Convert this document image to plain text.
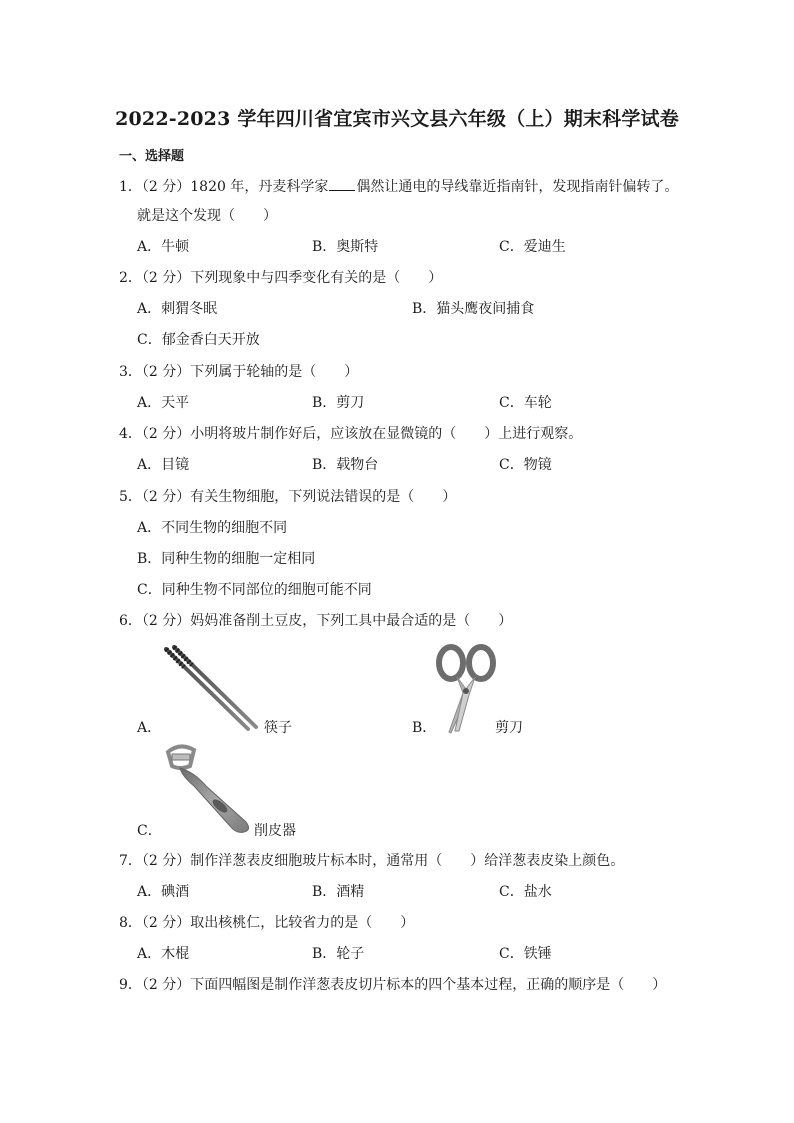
2022-2023 学年四川省宜宾市兴文县六年级（上）期末科学试卷
一、选择题
1．（2 分）1820 年，丹麦科学家 偶然让通电的导线靠近指南针，发现指南针偏转了。
就是这个发现（　　）
A．牛顿	B．奥斯特	C．爱迪生
2．（2 分）下列现象中与四季变化有关的是（　　）
A．刺猬冬眠	B．猫头鹰夜间捕食
C．郁金香白天开放
3．（2 分）下列属于轮轴的是（　　）
A．天平	B．剪刀	C．车轮
4．（2 分）小明将玻片制作好后，应该放在显微镜的（　　）上进行观察。
A．目镜	B．载物台	C．物镜
5．（2 分）有关生物细胞，下列说法错误的是（　　）
A．不同生物的细胞不同
B．同种生物的细胞一定相同
C．同种生物不同部位的细胞可能不同
6．（2 分）妈妈准备削土豆皮，下列工具中最合适的是（　　）
A．	筷子	B．	剪刀
C．	削皮器
7．（2 分）制作洋葱表皮细胞玻片标本时，通常用（　　）给洋葱表皮染上颜色。
A．碘酒	B．酒精	C．盐水
8．（2 分）取出核桃仁，比较省力的是（　　）
A．木棍	B．轮子	C．铁锤
9．（2 分）下面四幅图是制作洋葱表皮切片标本的四个基本过程，正确的顺序是（　　）
